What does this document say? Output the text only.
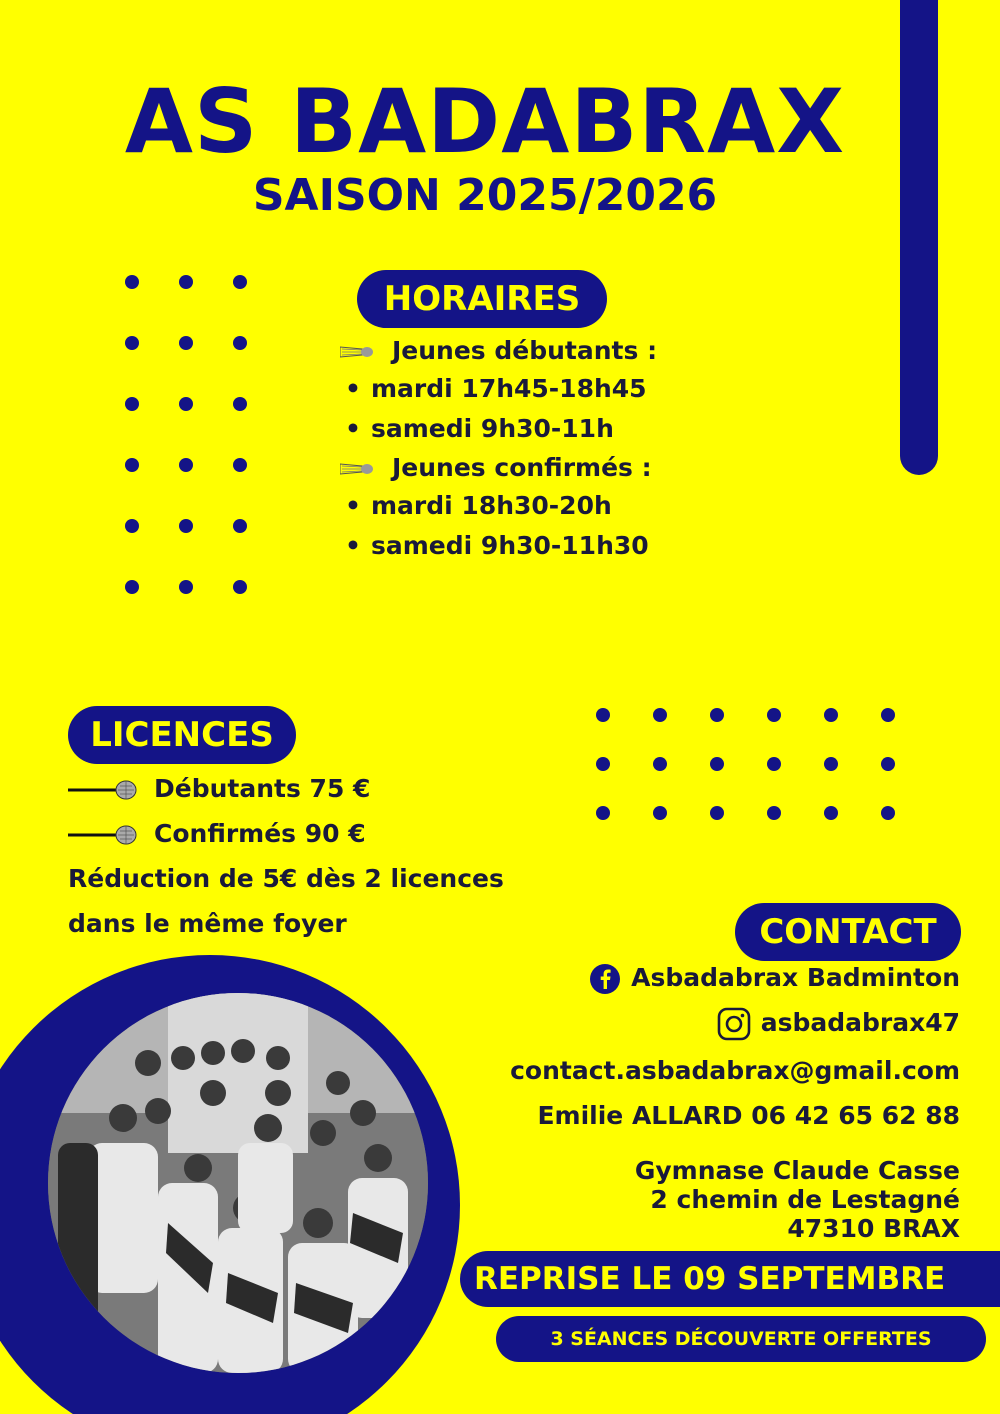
AS BADABRAX
SAISON 2025/2026
HORAIRES
Jeunes débutants :
• mardi 17h45-18h45
• samedi 9h30-11h
Jeunes confirmés :
• mardi 18h30-20h
• samedi 9h30-11h30
LICENCES
Débutants 75 €
Confirmés 90 €
Réduction de 5€ dès 2 licences
dans le même foyer	CONTACT
Asbadabrax Badminton
asbadabrax47
contact.asbadabrax@gmail.com
Emilie ALLARD 06 42 65 62 88
Gymnase Claude Casse
2 chemin de Lestagné
47310 BRAX
REPRISE LE 09 SEPTEMBRE
3 SÉANCES DÉCOUVERTE OFFERTES
